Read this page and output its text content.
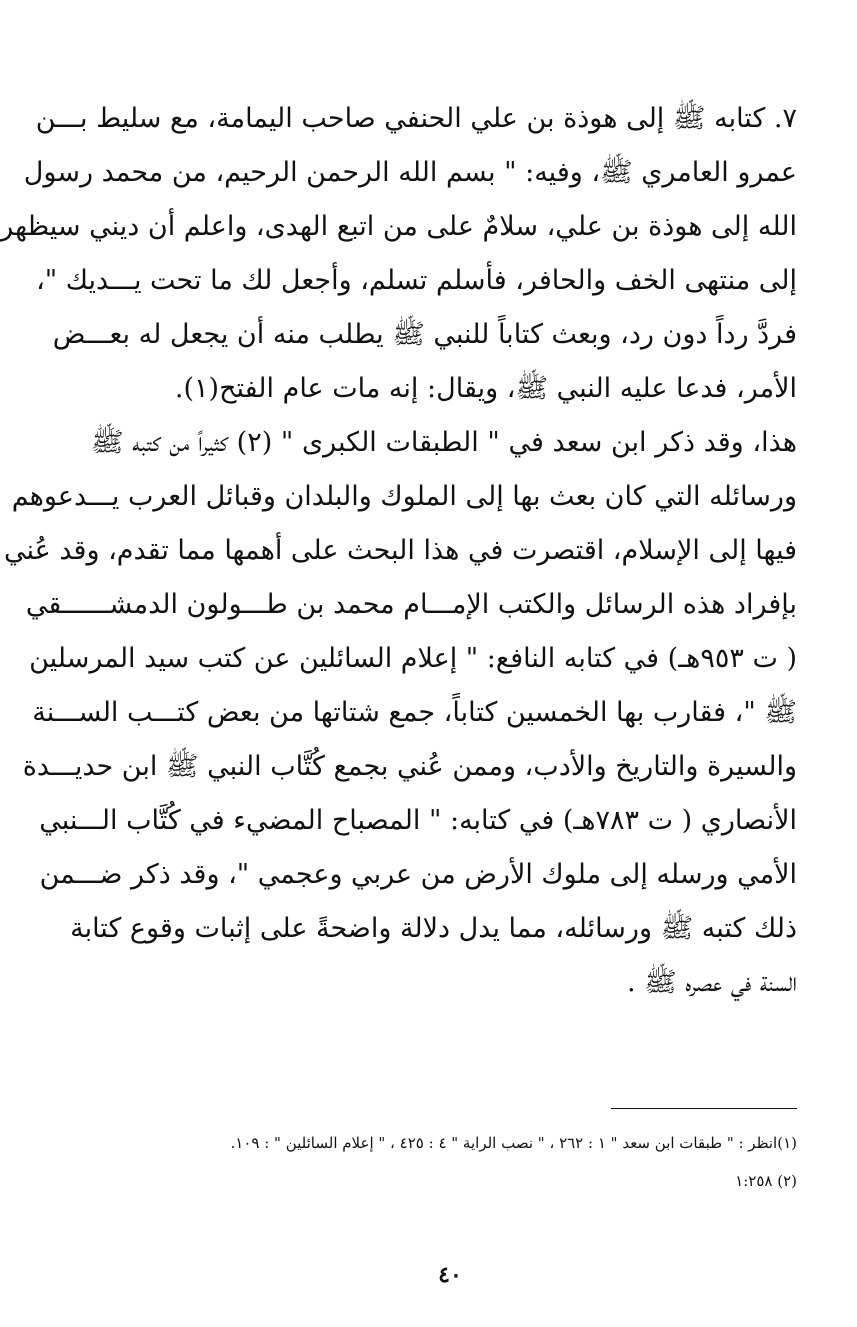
٧. كتابه ﷺ إلى هوذة بن علي الحنفي صاحب اليمامة، مع سليط بـــن
عمرو العامري ﷺ، وفيه: " بسم الله الرحمن الرحيم، من محمد رسول
الله إلى هوذة بن علي، سلامٌ على من اتبع الهدى، واعلم أن ديني سيظهر
إلى منتهى الخف والحافر، فأسلم تسلم، وأجعل لك ما تحت يـــديك "،
فردَّ رداً دون رد، وبعث كتاباً للنبي ﷺ يطلب منه أن يجعل له بعـــض
الأمر، فدعا عليه النبي ﷺ، ويقال: إنه مات عام الفتح(١).
هذا، وقد ذكر ابن سعد في " الطبقات الكبرى " (٢) كثيراً من كتبه ﷺ
ورسائله التي كان بعث بها إلى الملوك والبلدان وقبائل العرب يـــدعوهم
فيها إلى الإسلام، اقتصرت في هذا البحث على أهمها مما تقدم، وقد عُني
بإفراد هذه الرسائل والكتب الإمـــام محمد بن طـــولون الدمشــــــقي
( ت ٩٥٣هـ) في كتابه النافع: " إعلام السائلين عن كتب سيد المرسلين
ﷺ "، فقارب بها الخمسين كتاباً، جمع شتاتها من بعض كتـــب الســـنة
والسيرة والتاريخ والأدب، وممن عُني بجمع كُتَّاب النبي ﷺ ابن حديـــدة
الأنصاري ( ت ٧٨٣هـ) في كتابه: " المصباح المضيء في كُتَّاب الـــنبي
الأمي ورسله إلى ملوك الأرض من عربي وعجمي "، وقد ذكر ضـــمن
ذلك كتبه ﷺ ورسائله، مما يدل دلالة واضحةً على إثبات وقوع كتابة
السنة في عصره ﷺ .
(١)انظر : " طبقات ابن سعد " ١ : ٢٦٢ ، " نصب الراية " ٤ : ٤٢٥ ، " إعلام السائلين " : ١٠٩.
(٢) ١:٢٥٨
٤٠
